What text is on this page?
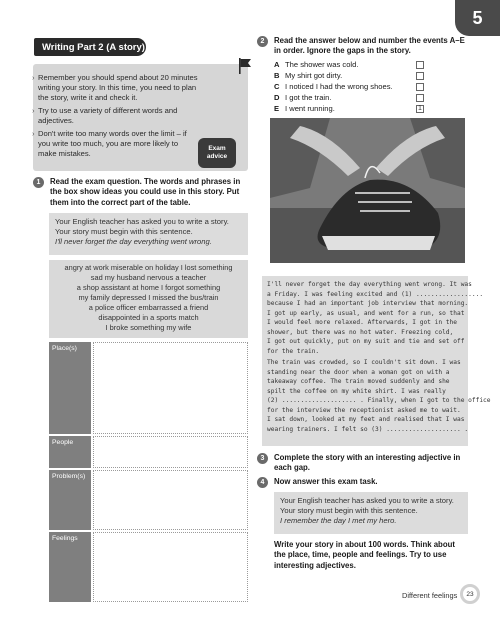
5
Writing Part 2 (A story)
› Remember you should spend about 20 minutes writing your story. In this time, you need to plan the story, write it and check it.
› Try to use a variety of different words and adjectives.
› Don't write too many words over the limit – if you write too much, you are more likely to make mistakes.
Exam
advice
1	Read the exam question. The words and phrases in the box show ideas you could use in this story. Put them into the correct part of the table.
Your English teacher has asked you to write a story. Your story must begin with this sentence.
I'll never forget the day everything went wrong.
angry at work miserable on holiday I lost something
sad my husband nervous a teacher
a shop assistant at home I forgot something
my family depressed I missed the bus/train
a police officer embarrassed a friend
disappointed in a sports match
I broke something my wife
Place(s)
People
Problem(s)
Feelings
2	Read the answer below and number the events A–E in order. Ignore the gaps in the story.
A The shower was cold.
B My shirt got dirty.
C I noticed I had the wrong shoes.
D I got the train.
E I went running.	1
I'll never forget the day everything went wrong. It was
a Friday. I was feeling excited and (1) ..................
because I had an important job interview that morning.
I got up early, as usual, and went for a run, so that
I would feel more relaxed. Afterwards, I got in the
shower, but there was no hot water. Freezing cold,
I got out quickly, put on my suit and tie and set off
for the train.
The train was crowded, so I couldn't sit down. I was
standing near the door when a woman got on with a
takeaway coffee. The train moved suddenly and she
spilt the coffee on my white shirt. I was really
(2) .................... . Finally, when I got to the office
for the interview the receptionist asked me to wait.
I sat down, looked at my feet and realised that I was
wearing trainers. I felt so (3) .................... .
3	Complete the story with an interesting adjective in each gap.
4	Now answer this exam task.
Your English teacher has asked you to write a story. Your story must begin with this sentence.
I remember the day I met my hero.
Write your story in about 100 words. Think about the place, time, people and feelings. Try to use interesting adjectives.
Different feelings	23
